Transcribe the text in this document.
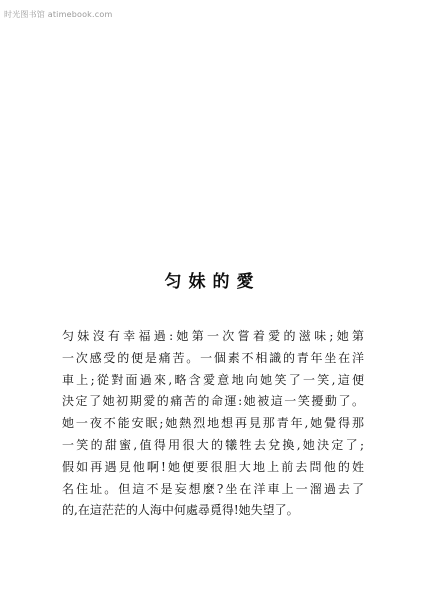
时光图书馆 atimebook.com
匀妹的愛
匀妹沒有幸福過:她第一次嘗着愛的滋味;她第
一次感受的便是痛苦。一個素不相識的青年坐在洋
車上;從對面過來,略含愛意地向她笑了一笑,這便
決定了她初期愛的痛苦的命運:她被這一笑擾動了。
她一夜不能安眠;她熱烈地想再見那青年,她覺得那
一笑的甜蜜,值得用很大的犧牲去兌換,她決定了;
假如再遇見他啊!她便要很胆大地上前去問他的姓
名住址。但這不是妄想麼?坐在洋車上一溜過去了
的,在這茫茫的人海中何處尋覓得!她失望了。
